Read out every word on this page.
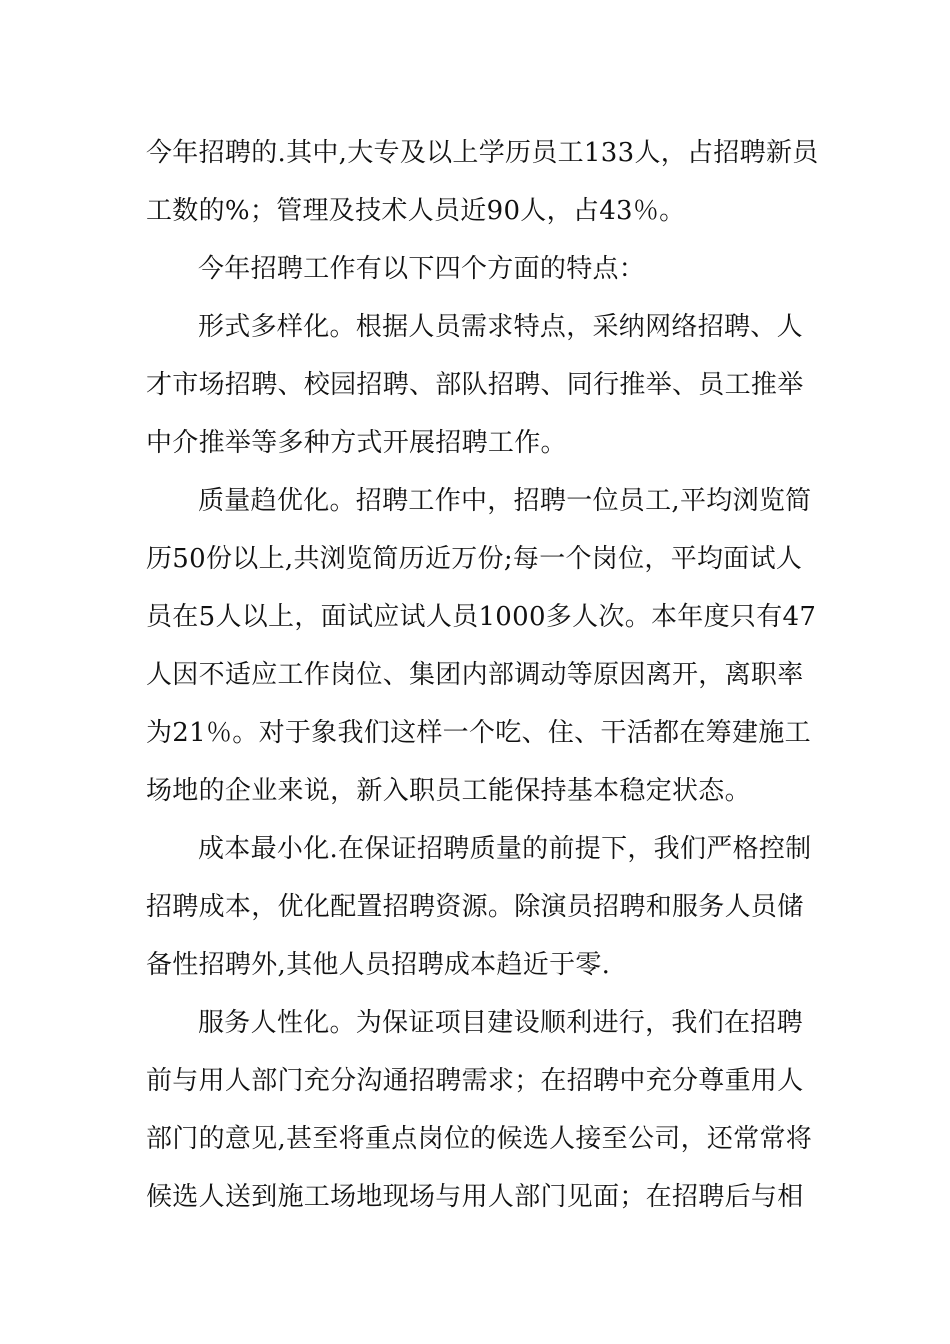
今年招聘的.其中,大专及以上学历员工133人，占招聘新员
工数的%；管理及技术人员近90人，占43％。
今年招聘工作有以下四个方面的特点：
形式多样化。根据人员需求特点，采纳网络招聘、人
才市场招聘、校园招聘、部队招聘、同行推举、员工推举
中介推举等多种方式开展招聘工作。
质量趋优化。招聘工作中，招聘一位员工,平均浏览简
历50份以上,共浏览简历近万份;每一个岗位，平均面试人
员在5人以上，面试应试人员1000多人次。本年度只有47
人因不适应工作岗位、集团内部调动等原因离开，离职率
为21％。对于象我们这样一个吃、住、干活都在筹建施工
场地的企业来说，新入职员工能保持基本稳定状态。
成本最小化.在保证招聘质量的前提下，我们严格控制
招聘成本，优化配置招聘资源。除演员招聘和服务人员储
备性招聘外,其他人员招聘成本趋近于零.
服务人性化。为保证项目建设顺利进行，我们在招聘
前与用人部门充分沟通招聘需求；在招聘中充分尊重用人
部门的意见,甚至将重点岗位的候选人接至公司，还常常将
候选人送到施工场地现场与用人部门见面；在招聘后与相
